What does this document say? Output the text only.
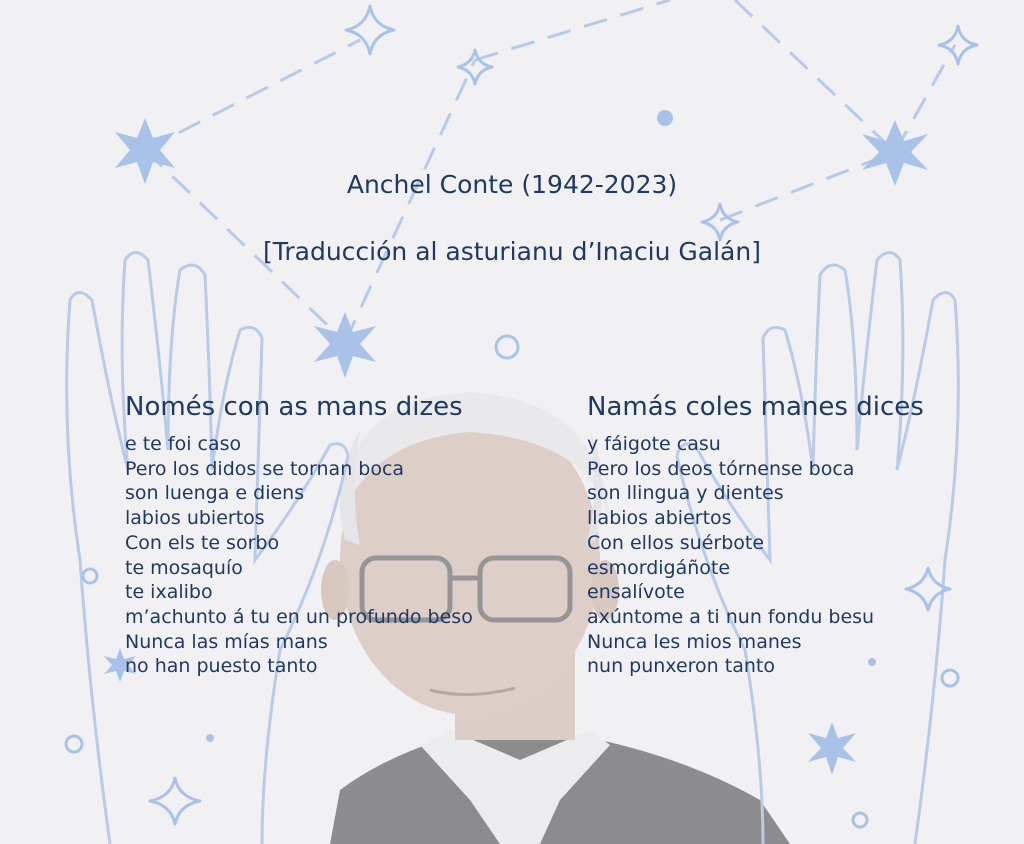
Anchel Conte (1942-2023)
[Traducción al asturianu d’Inaciu Galán]
Només con as mans dizes
e te foi caso
Pero los didos se tornan boca
son luenga e diens
labios ubiertos
Con els te sorbo
te mosaquío
te ixalibo
m’achunto á tu en un profundo beso
Nunca las mías mans
no han puesto tanto
Namás coles manes dices
y fáigote casu
Pero los deos tórnense boca
son llingua y dientes
llabios abiertos
Con ellos suérbote
esmordigáñote
ensalívote
axúntome a ti nun fondu besu
Nunca les mios manes
nun punxeron tanto
